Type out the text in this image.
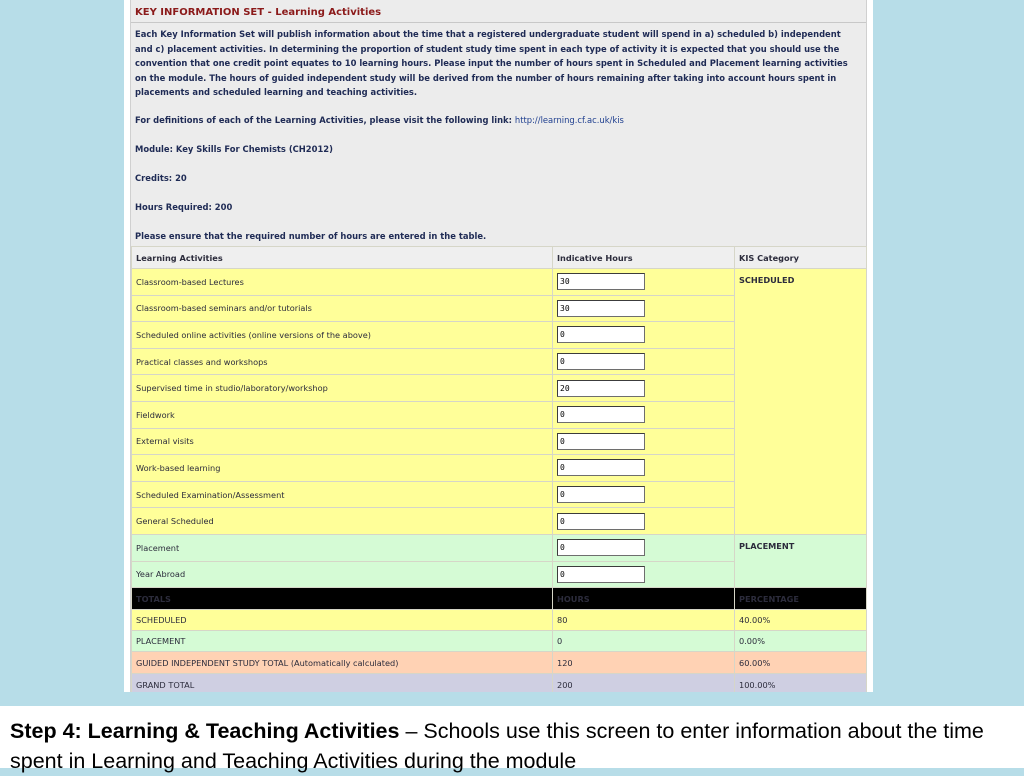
KEY INFORMATION SET - Learning Activities
Each Key Information Set will publish information about the time that a registered undergraduate student will spend in a) scheduled b) independent and c) placement activities. In determining the proportion of student study time spent in each type of activity it is expected that you should use the convention that one credit point equates to 10 learning hours. Please input the number of hours spent in Scheduled and Placement learning activities on the module. The hours of guided independent study will be derived from the number of hours remaining after taking into account hours spent in placements and scheduled learning and teaching activities.
For definitions of each of the Learning Activities, please visit the following link: http://learning.cf.ac.uk/kis
Module: Key Skills For Chemists (CH2012)
Credits: 20
Hours Required: 200
Please ensure that the required number of hours are entered in the table.
Learning Activities	Indicative Hours	KIS Category
Classroom-based Lectures	30	SCHEDULED
Classroom-based seminars and/or tutorials	30
Scheduled online activities (online versions of the above)	0
Practical classes and workshops	0
Supervised time in studio/laboratory/workshop	20
Fieldwork	0
External visits	0
Work-based learning	0
Scheduled Examination/Assessment	0
General Scheduled	0
Placement	0	PLACEMENT
Year Abroad	0
TOTALS	HOURS	PERCENTAGE
SCHEDULED	80	40.00%
PLACEMENT	0	0.00%
GUIDED INDEPENDENT STUDY TOTAL (Automatically calculated)	120	60.00%
GRAND TOTAL	200	100.00%
Step 4: Learning & Teaching Activities – Schools use this screen to enter information about the time spent in Learning and Teaching Activities during the module
